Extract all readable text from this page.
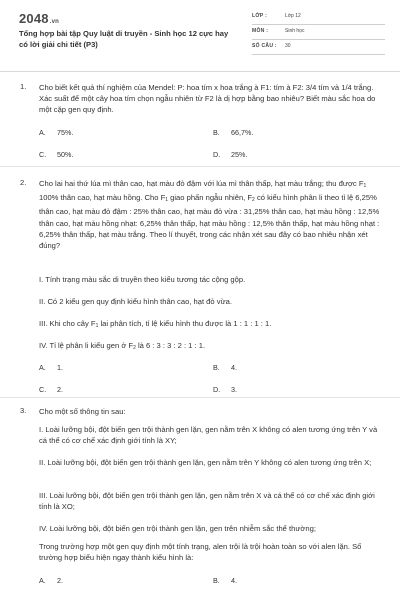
2048.vn
Tổng hợp bài tập Quy luật di truyền - Sinh học 12 cực hay có lời giải chi tiết (P3)
LỚP :	Lớp 12
MÔN :	Sinh học
SỐ CÂU : 30
1. Cho biết kết quả thí nghiệm của Mendel: P: hoa tím x hoa trắng à F1: tím à F2: 3/4 tím và 1/4 trắng. Xác suất để một cây hoa tím chọn ngẫu nhiên từ F2 là dị hợp bằng bao nhiêu? Biết màu sắc hoa do một cặp gen quy định.
A. 75%.	B. 66,7%.
C. 50%.	D. 25%.
2. Cho lai hai thứ lúa mì thân cao, hạt màu đỏ đậm với lúa mì thân thấp, hạt màu trắng; thu được $F_1$ 100% thân cao, hạt màu hồng. Cho $F_1$ giao phấn ngẫu nhiên, $F_2$ có kiểu hình phân li theo tỉ lệ 6,25% thân cao, hạt màu đỏ đậm : 25% thân cao, hạt màu đỏ vừa : 31,25% thân cao, hạt màu hồng : 12,5% thân cao, hạt màu hồng nhạt: 6,25% thân thấp, hạt màu hồng : 12,5% thân thấp, hạt màu hồng nhạt : 6,25% thân thấp, hạt màu trắng. Theo lí thuyết, trong các nhận xét sau đây có bao nhiêu nhận xét đúng?
I. Tính trạng màu sắc di truyền theo kiểu tương tác cộng gộp.
II. Có 2 kiểu gen quy định kiểu hình thân cao, hạt đỏ vừa.
III. Khi cho cây $F_1$ lai phân tích, tỉ lệ kiểu hình thu được là 1 : 1 : 1 : 1.
IV. Tỉ lệ phân li kiểu gen ở $F_2$ là 6 : 3 : 3 : 2 : 1 : 1.
A. 1.	B. 4.
C. 2.	D. 3.
3. Cho một số thông tin sau:
I. Loài lưỡng bội, đột biến gen trội thành gen lặn, gen nằm trên X không có alen tương ứng trên Y và cá thể có cơ chế xác định giới tính là XY;
II. Loài lưỡng bội, đột biến gen trội thành gen lặn, gen nằm trên Y không có alen tương ứng trên X;
III. Loài lưỡng bội, đột biến gen trội thành gen lặn, gen nằm trên X và cá thể có cơ chế xác định giới tính là XO;
IV. Loài lưỡng bội, đột biến gen trội thành gen lặn, gen trên nhiễm sắc thể thường;
Trong trường hợp một gen quy định một tính trạng, alen trội là trội hoàn toàn so với alen lặn. Số trường hợp biểu hiện ngay thành kiểu hình là:
A. 2.	B. 4.
